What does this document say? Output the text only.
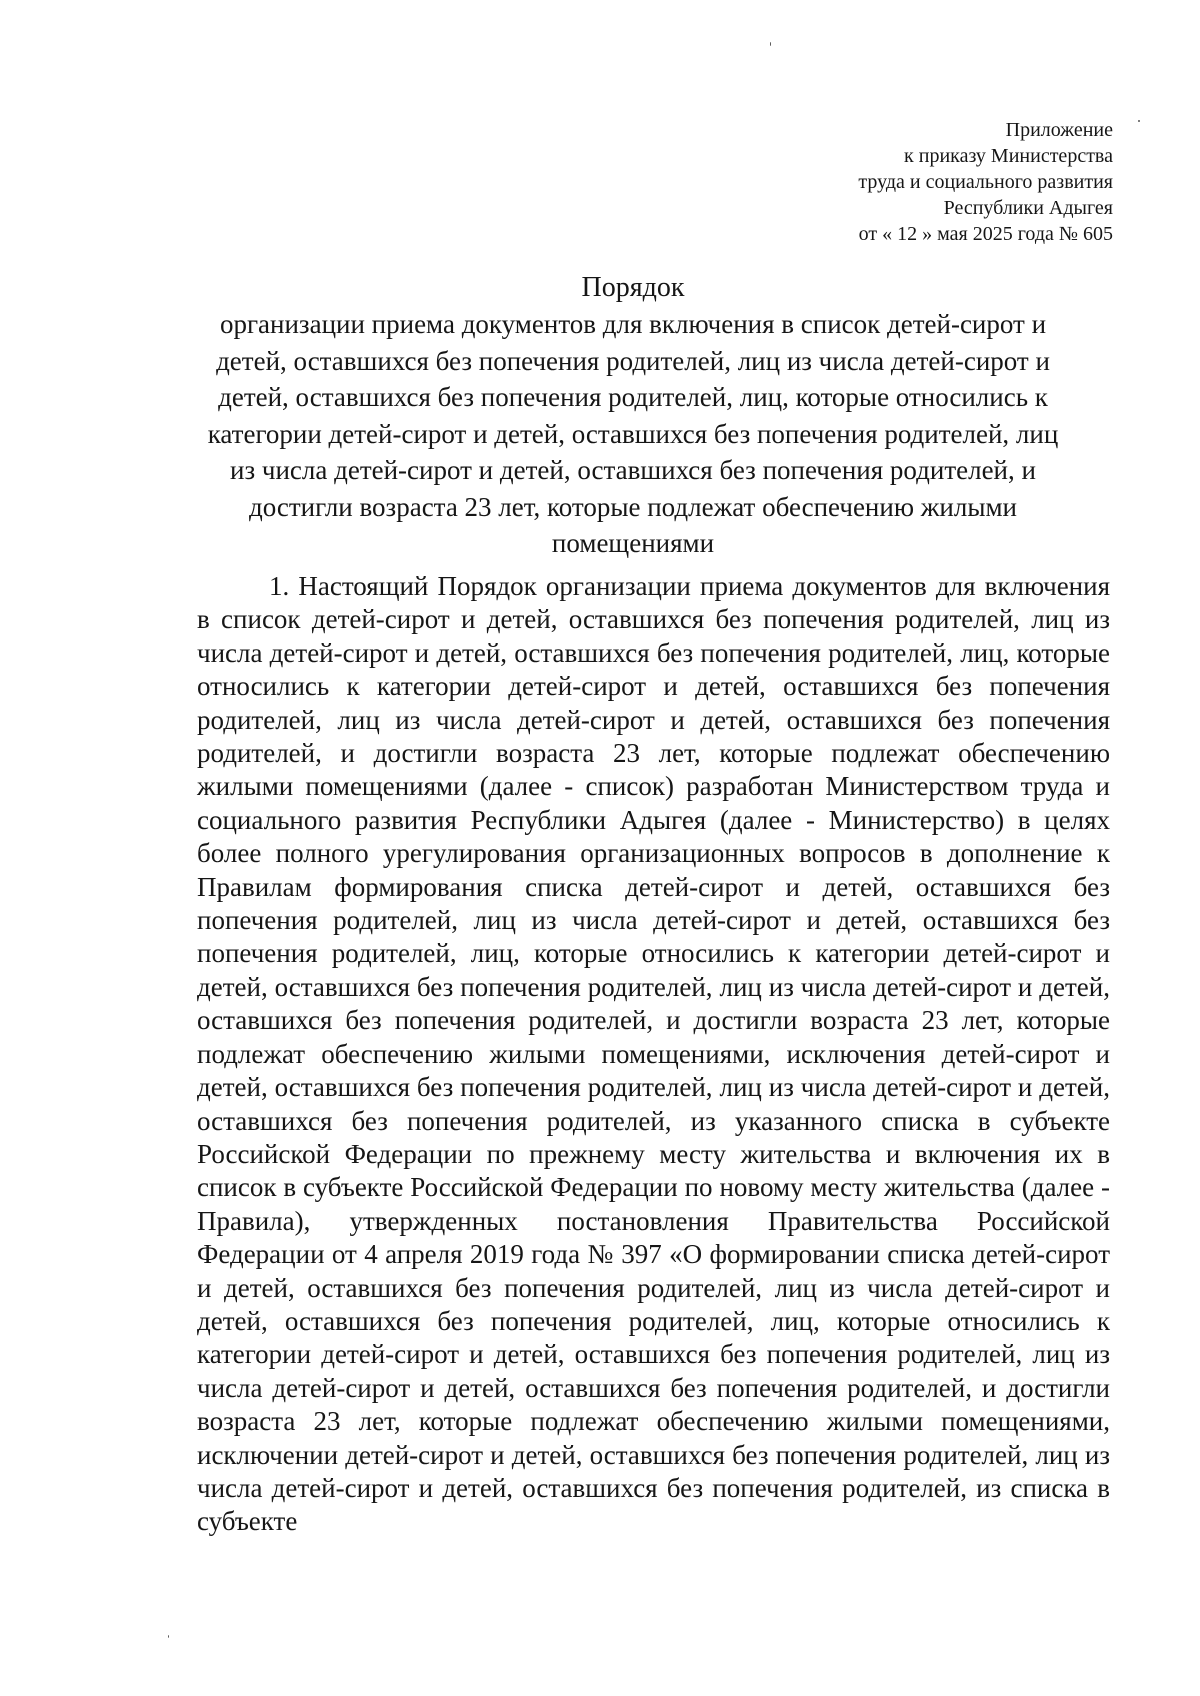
Приложение
к приказу Министерства
труда и социального развития
Республики Адыгея
от « 12 » мая 2025 года № 605
Порядок

организации приема документов для включения в список детей-сирот и детей, оставшихся без попечения родителей, лиц из числа детей-сирот и детей, оставшихся без попечения родителей, лиц, которые относились к категории детей-сирот и детей, оставшихся без попечения родителей, лиц из числа детей-сирот и детей, оставшихся без попечения родителей, и достигли возраста 23 лет, которые подлежат обеспечению жилыми помещениями

1. Настоящий Порядок организации приема документов для включения в список детей-сирот и детей, оставшихся без попечения родителей, лиц из числа детей-сирот и детей, оставшихся без попечения родителей, лиц, которые относились к категории детей-сирот и детей, оставшихся без попечения родителей, лиц из числа детей-сирот и детей, оставшихся без попечения родителей, и достигли возраста 23 лет, которые подлежат обеспечению жилыми помещениями (далее - список) разработан Министерством труда и социального развития Республики Адыгея (далее - Министерство) в целях более полного урегулирования организационных вопросов в дополнение к Правилам формирования списка детей-сирот и детей, оставшихся без попечения родителей, лиц из числа детей-сирот и детей, оставшихся без попечения родителей, лиц, которые относились к категории детей-сирот и детей, оставшихся без попечения родителей, лиц из числа детей-сирот и детей, оставшихся без попечения родителей, и достигли возраста 23 лет, которые подлежат обеспечению жилыми помещениями, исключения детей-сирот и детей, оставшихся без попечения родителей, лиц из числа детей-сирот и детей, оставшихся без попечения родителей, из указанного списка в субъекте Российской Федерации по прежнему месту жительства и включения их в список в субъекте Российской Федерации по новому месту жительства (далее - Правила), утвержденных постановления Правительства Российской Федерации от 4 апреля 2019 года № 397 «О формировании списка детей-сирот и детей, оставшихся без попечения родителей, лиц из числа детей-сирот и детей, оставшихся без попечения родителей, лиц, которые относились к категории детей-сирот и детей, оставшихся без попечения родителей, лиц из числа детей-сирот и детей, оставшихся без попечения родителей, и достигли возраста 23 лет, которые подлежат обеспечению жилыми помещениями, исключении детей-сирот и детей, оставшихся без попечения родителей, лиц из числа детей-сирот и детей, оставшихся без попечения родителей, из списка в субъекте
